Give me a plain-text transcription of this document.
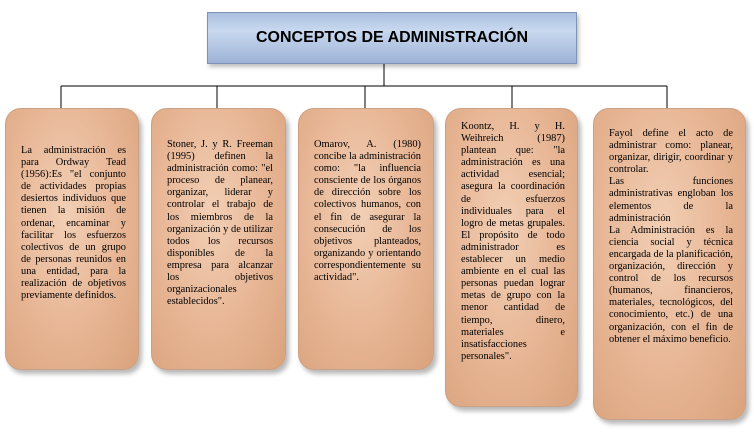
CONCEPTOS DE ADMINISTRACIÓN

La administración es para Ordway Tead (1956):Es "el conjunto de actividades propias desiertos individuos que tienen la misión de ordenar, encaminar y facilitar los esfuerzos colectivos de un grupo de personas reunidos en una entidad, para la realización de objetivos previamente definidos.

Stoner, J. y R. Freeman (1995) definen la administración como: "el proceso de planear, organizar, liderar y controlar el trabajo de los miembros de la organización y de utilizar todos los recursos disponibles de la empresa para alcanzar los objetivos organizacionales establecidos".

Omarov, A. (1980) concibe la administración como: "la influencia consciente de los órganos de dirección sobre los colectivos humanos, con el fin de asegurar la consecución de los objetivos planteados, organizando y orientando correspondientemente su actividad".

Koontz, H. y H. Weihreich (1987) plantean que: "la administración es una actividad esencial; asegura la coordinación de esfuerzos individuales para el logro de metas grupales. El propósito de todo administrador es establecer un medio ambiente en el cual las personas puedan lograr metas de grupo con la menor cantidad de tiempo, dinero, materiales e insatisfacciones personales".

Fayol define el acto de administrar como: planear, organizar, dirigir, coordinar y controlar.

Las funciones administrativas engloban los elementos de la administración

La Administración es la ciencia social y técnica encargada de la planificación, organización, dirección y control de los recursos (humanos, financieros, materiales, tecnológicos, del conocimiento, etc.) de una organización, con el fin de obtener el máximo beneficio.
